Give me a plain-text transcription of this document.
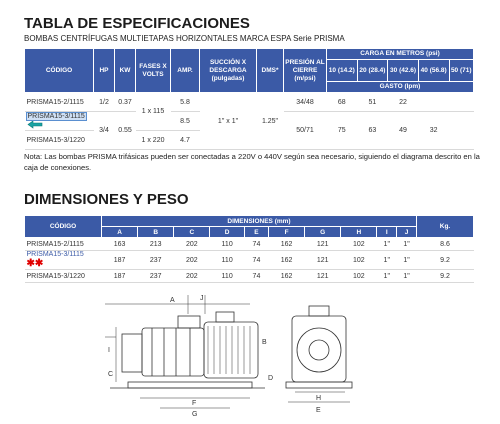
TABLA DE ESPECIFICACIONES
BOMBAS CENTRÍFUGAS MULTIETAPAS HORIZONTALES MARCA ESPA Serie PRISMA
CÓDIGO	HP	KW	FASES X VOLTS	AMP.	SUCCIÓN X DESCARGA (pulgadas)	DMS*	PRESIÓN AL CIERRE (m/psi)	CARGA EN METROS (psi)				
								10 (14.2)	20 (28.4)	30 (42.6)	40 (56.8)	50 (71)
								GASTO (lpm)				
PRISMA15-2/1115	1/2	0.37	1 x 115	5.8	1" x 1"	1.25"	34/48	68	51	22		
PRISMA15-3/1115	3/4	0.55		8.5			50/71	75	63	49	32	
PRISMA15-3/1220			1 x 220	4.7								
Nota: Las bombas PRISMA trifásicas pueden ser conectadas a 220V o 440V según sea necesario, siguiendo el diagrama descrito en la caja de conexiones.
DIMENSIONES Y PESO
CÓDIGO	DIMENSIONES (mm)										Kg.
	A	B	C	D	E	F	G	H	I	J	
PRISMA15-2/1115	163	213	202	110	74	162	121	102	1"	1"	8.6
PRISMA15-3/1115 ✱✱	187	237	202	110	74	162	121	102	1"	1"	9.2
PRISMA15-3/1220	187	237	202	110	74	162	121	102	1"	1"	9.2
A	J
F
G
B
D
I
C
H
E
